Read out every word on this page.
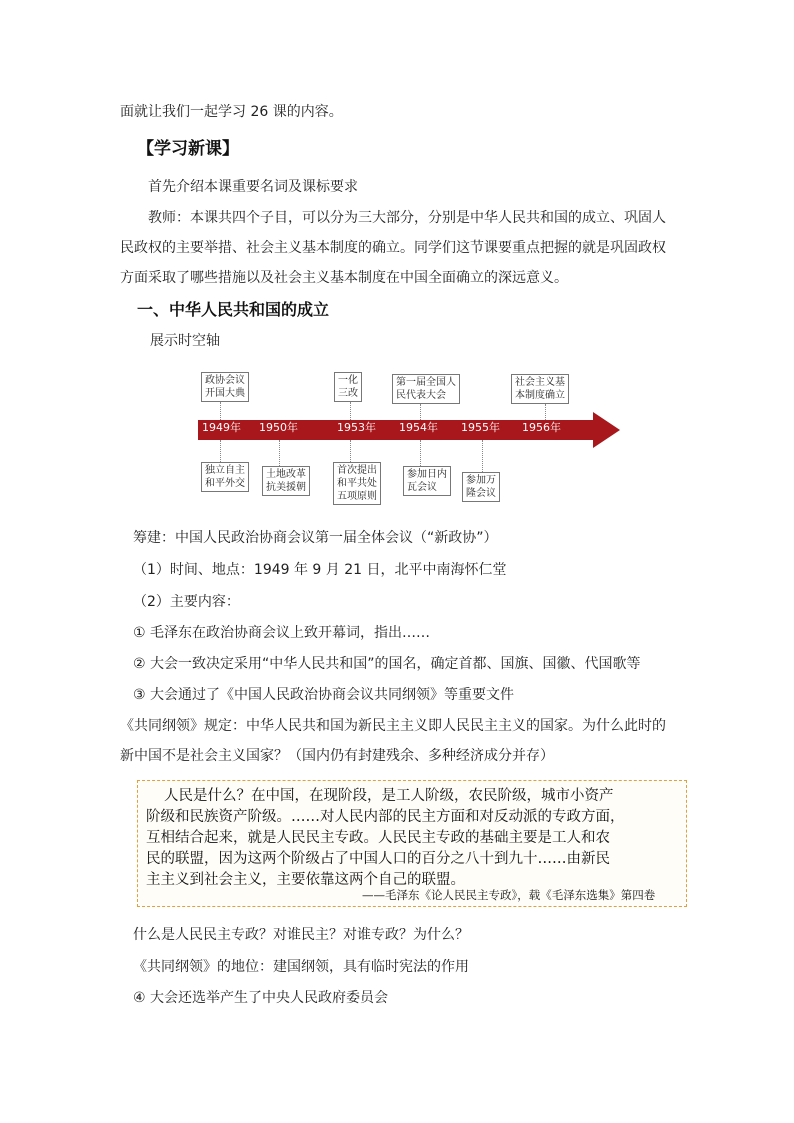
面就让我们一起学习 26 课的内容。
【学习新课】
首先介绍本课重要名词及课标要求
教师：本课共四个子目，可以分为三大部分，分别是中华人民共和国的成立、巩固人
民政权的主要举措、社会主义基本制度的确立。同学们这节课要重点把握的就是巩固政权
方面采取了哪些措施以及社会主义基本制度在中国全面确立的深远意义。
一、中华人民共和国的成立
展示时空轴
政协会议
开国大典
一化
三改
第一届全国人
民代表大会
社会主义基
本制度确立
1949年 1950年	1953年 1954年 1955年 1956年
独立自主
和平外交
土地改革
抗美援朝
首次提出
和平共处
五项原则
参加日内
瓦会议
参加万
隆会议
筹建：中国人民政治协商会议第一届全体会议（“新政协”）
（1）时间、地点：1949 年 9 月 21 日，北平中南海怀仁堂
（2）主要内容：
① 毛泽东在政治协商会议上致开幕词，指出……
② 大会一致决定采用“中华人民共和国”的国名，确定首都、国旗、国徽、代国歌等
③ 大会通过了《中国人民政治协商会议共同纲领》等重要文件
《共同纲领》规定：中华人民共和国为新民主主义即人民民主主义的国家。为什么此时的
新中国不是社会主义国家？（国内仍有封建残余、多种经济成分并存）
人民是什么？在中国，在现阶段，是工人阶级，农民阶级，城市小资产
阶级和民族资产阶级。……对人民内部的民主方面和对反动派的专政方面，
互相结合起来，就是人民民主专政。人民民主专政的基础主要是工人和农
民的联盟，因为这两个阶级占了中国人口的百分之八十到九十……由新民
主主义到社会主义，主要依靠这两个自己的联盟。
——毛泽东《论人民民主专政》，载《毛泽东选集》第四卷
什么是人民民主专政？对谁民主？对谁专政？为什么？
《共同纲领》的地位：建国纲领，具有临时宪法的作用
④ 大会还选举产生了中央人民政府委员会
